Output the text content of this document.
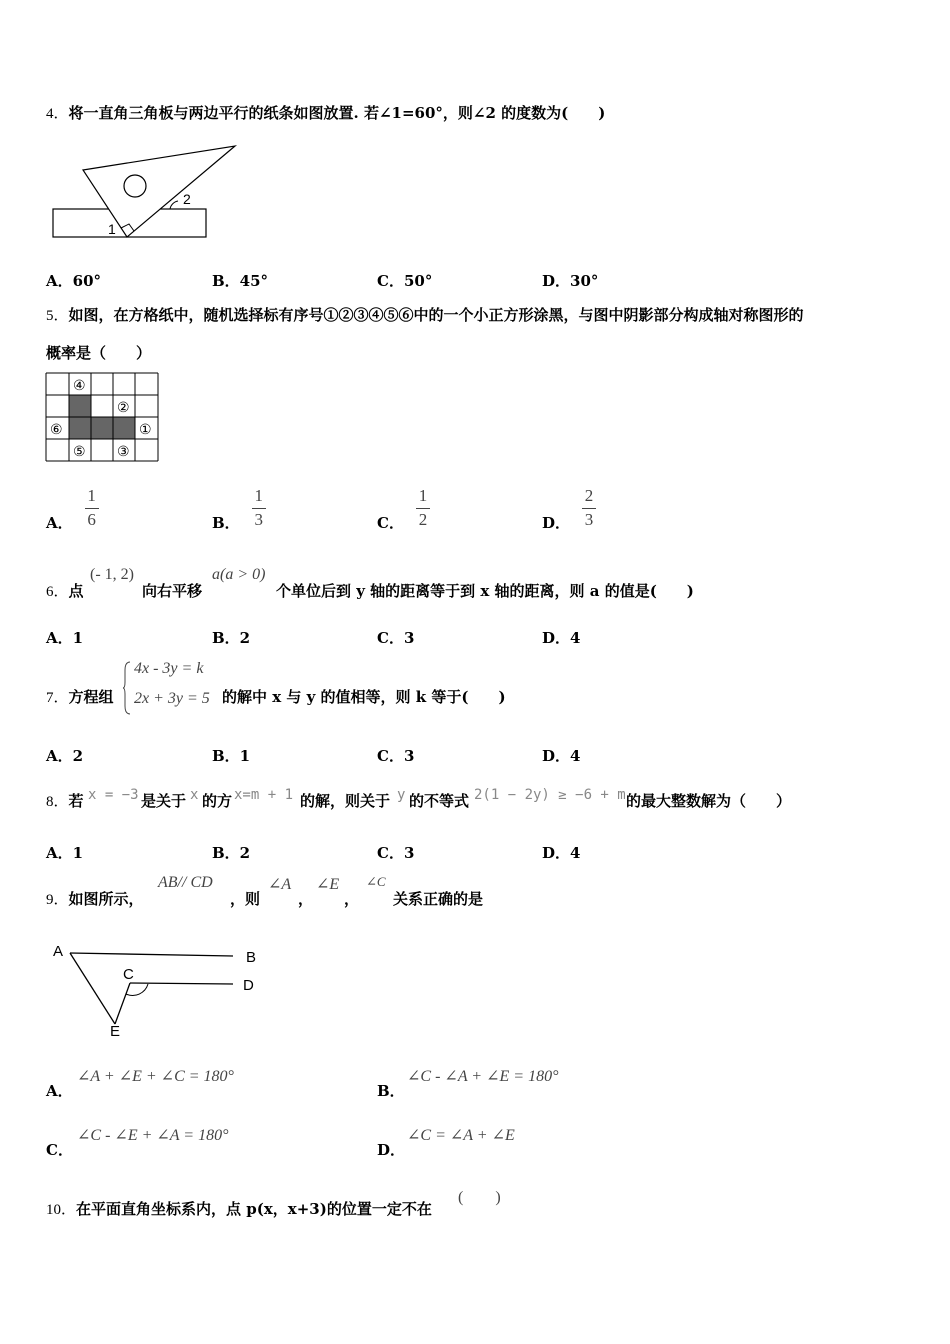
4．将一直角三角板与两边平行的纸条如图放置. 若∠1=60°，则∠2 的度数为(　　)
1
2
A．60°	B．45°	C．50°	D．30°
5．如图，在方格纸中，随机选择标有序号①②③④⑤⑥中的一个小正方形涂黑，与图中阴影部分构成轴对称图形的
概率是（　　）
④
②
⑥	①
⑤ ③
A． $\frac{1}{6}$	B． $\frac{1}{3}$	C． $\frac{1}{2}$	D． $\frac{2}{3}$
6．点
(- 1, 2)
向右平移
a(a > 0)
个单位后到 y 轴的距离等于到 x 轴的距离，则 a 的值是(　　)
A．1	B．2	C．3	D．4
7．方程组
4x - 3y = k
2x + 3y = 5 的解中 x 与 y 的值相等，则 k 等于(　　)
A．2	B．1	C．3	D．4
8．若 x = −3 是关于 x 的方 x=m + 1 的解，则关于 y 的不等式 2(1 − 2y) ≥ −6 + m 的最大整数解为（　　）
A．1	B．2	C．3	D．4
9．如图所示，
AB// CD
，则
∠A
，
∠E
，
∠C
关系正确的是
A	B
C
D
E
A．
∠A + ∠E + ∠C = 180°
B．
∠C - ∠A + ∠E = 180°
C．
∠C - ∠E + ∠A = 180°
D．
∠C = ∠A + ∠E
10．在平面直角坐标系内，点 p(x，x+3)的位置一定不在
(　　)
